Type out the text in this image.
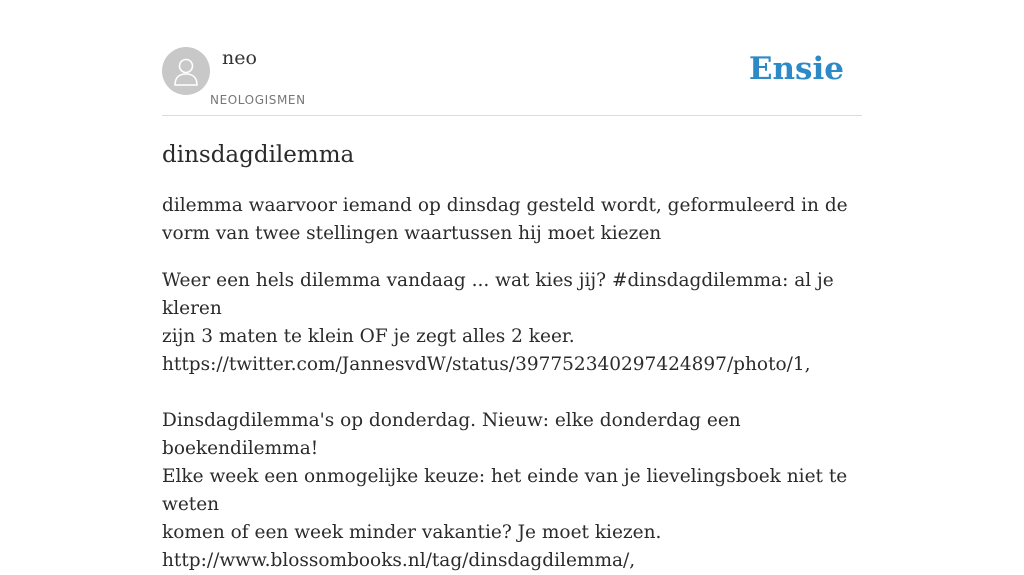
neo
NEOLOGISMEN
Ensie
dinsdagdilemma

dilemma waarvoor iemand op dinsdag gesteld wordt, geformuleerd in de vorm van twee stellingen waartussen hij moet kiezen

Weer een hels dilemma vandaag ... wat kies jij? #dinsdagdilemma: al je kleren
zijn 3 maten te klein OF je zegt alles 2 keer.
https://twitter.com/JannesvdW/status/397752340297424897/photo/1,
Dinsdagdilemma's op donderdag. Nieuw: elke donderdag een boekendilemma!
Elke week een onmogelijke keuze: het einde van je lievelingsboek niet te weten
komen of een week minder vakantie? Je moet kiezen.
http://www.blossombooks.nl/tag/dinsdagdilemma/,
